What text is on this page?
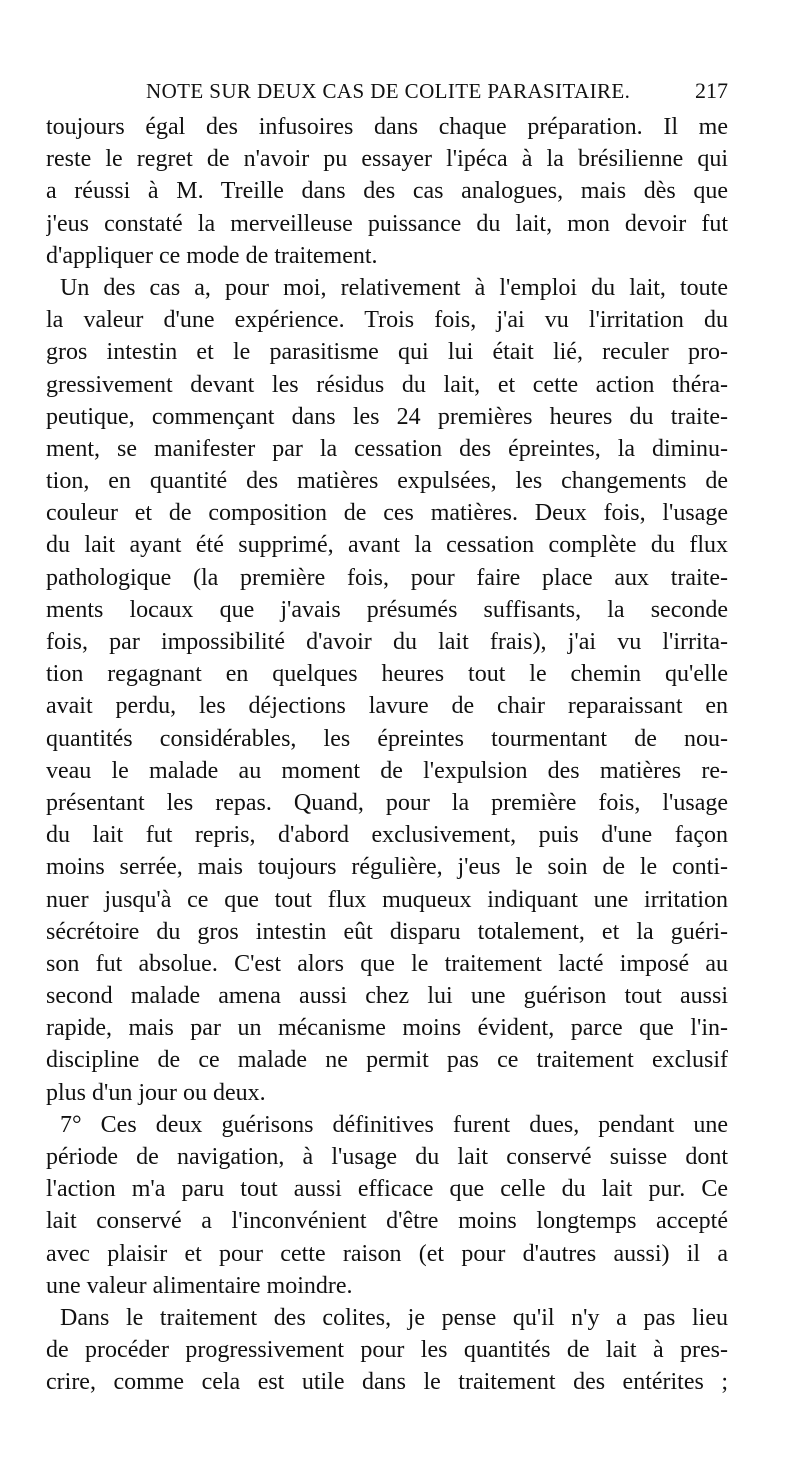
NOTE SUR DEUX CAS DE COLITE PARASITAIRE.	217
toujours égal des infusoires dans chaque préparation. Il me
reste le regret de n'avoir pu essayer l'ipéca à la brésilienne qui
a réussi à M. Treille dans des cas analogues, mais dès que
j'eus constaté la merveilleuse puissance du lait, mon devoir fut
d'appliquer ce mode de traitement.
Un des cas a, pour moi, relativement à l'emploi du lait, toute
la valeur d'une expérience. Trois fois, j'ai vu l'irritation du
gros intestin et le parasitisme qui lui était lié, reculer pro-
gressivement devant les résidus du lait, et cette action théra-
peutique, commençant dans les 24 premières heures du traite-
ment, se manifester par la cessation des épreintes, la diminu-
tion, en quantité des matières expulsées, les changements de
couleur et de composition de ces matières. Deux fois, l'usage
du lait ayant été supprimé, avant la cessation complète du flux
pathologique (la première fois, pour faire place aux traite-
ments locaux que j'avais présumés suffisants, la seconde
fois, par impossibilité d'avoir du lait frais), j'ai vu l'irrita-
tion regagnant en quelques heures tout le chemin qu'elle
avait perdu, les déjections lavure de chair reparaissant en
quantités considérables, les épreintes tourmentant de nou-
veau le malade au moment de l'expulsion des matières re-
présentant les repas. Quand, pour la première fois, l'usage
du lait fut repris, d'abord exclusivement, puis d'une façon
moins serrée, mais toujours régulière, j'eus le soin de le conti-
nuer jusqu'à ce que tout flux muqueux indiquant une irritation
sécrétoire du gros intestin eût disparu totalement, et la guéri-
son fut absolue. C'est alors que le traitement lacté imposé au
second malade amena aussi chez lui une guérison tout aussi
rapide, mais par un mécanisme moins évident, parce que l'in-
discipline de ce malade ne permit pas ce traitement exclusif
plus d'un jour ou deux.
7° Ces deux guérisons définitives furent dues, pendant une
période de navigation, à l'usage du lait conservé suisse dont
l'action m'a paru tout aussi efficace que celle du lait pur. Ce
lait conservé a l'inconvénient d'être moins longtemps accepté
avec plaisir et pour cette raison (et pour d'autres aussi) il a
une valeur alimentaire moindre.
Dans le traitement des colites, je pense qu'il n'y a pas lieu
de procéder progressivement pour les quantités de lait à pres-
crire, comme cela est utile dans le traitement des entérites ;
